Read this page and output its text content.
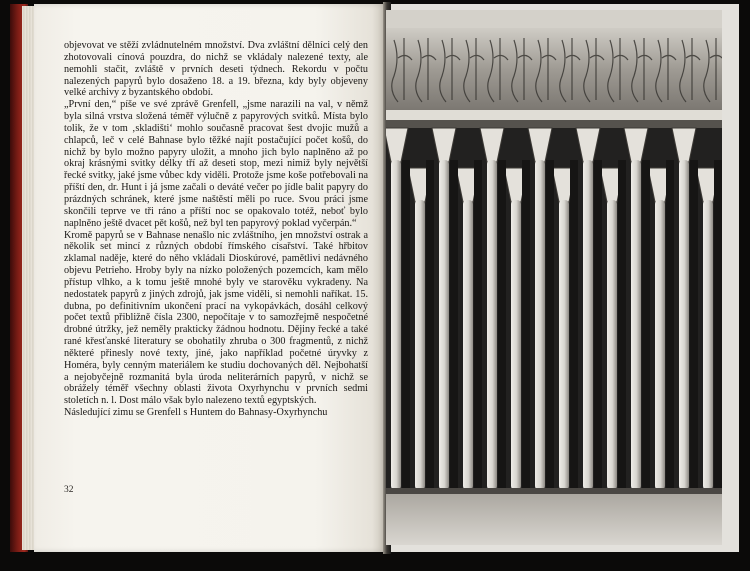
objevovat ve stěží zvládnutelném množství. Dva zvláštní dělníci celý den zhotovovali cínová pouzdra, do nichž se vkládaly nalezené texty, ale nemohli stačit, zvláště v prvních deseti týdnech. Rekordu v počtu nalezených papyrů bylo dosaženo 18. a 19. března, kdy byly objeveny velké archivy z byzantského období.

„První den,“ píše ve své zprávě Grenfell, „jsme narazili na val, v němž byla silná vrstva složená téměř výlučně z papyrových svitků. Místa bylo tolik, že v tom ‚skladišti‘ mohlo současně pracovat šest dvojic mužů a chlapců, leč v celé Bahnase bylo těžké najít postačující počet košů, do nichž by bylo možno papyry uložit, a mnoho jich bylo naplněno až po okraj krásnými svitky délky tří až deseti stop, mezi nimiž byly největší řecké svitky, jaké jsme vůbec kdy viděli. Protože jsme koše potřebovali na příští den, dr. Hunt i já jsme začali o deváté večer po jídle balit papyry do prázdných schránek, které jsme naštěstí měli po ruce. Svou práci jsme skončili teprve ve tři ráno a příští noc se opakovalo totéž, neboť bylo naplněno ještě dvacet pět košů, než byl ten papyrový poklad vyčerpán.“

Kromě papyrů se v Bahnase nenašlo nic zvláštního, jen množství ostrak a několik set mincí z různých období římského císařství. Také hřbitov zklamal naděje, které do něho vkládali Dioskúrové, pamětlivi nedávného objevu Petrieho. Hroby byly na nízko položených pozemcích, kam mělo přístup vlhko, a k tomu ještě mnohé byly ve starověku vykradeny. Na nedostatek papyrů z jiných zdrojů, jak jsme viděli, si nemohli naříkat. 15. dubna, po definitivním ukončení prací na vykopávkách, dosáhl celkový počet textů přibližně čísla 2300, nepočítaje v to samozřejmě nespočetné drobné útržky, jež neměly prakticky žádnou hodnotu. Dějiny řecké a také rané křesťanské literatury se obohatily zhruba o 300 fragmentů, z nichž některé přinesly nové texty, jiné, jako například početné úryvky z Homéra, byly cenným materiálem ke studiu dochovaných děl. Nejbohatší a nejobyčejně rozmanitá byla úroda neliterárních papyrů, v nichž se obrážely téměř všechny oblasti života Oxyrhynchu v prvních sedmi stoletích n. l. Dost málo však bylo nalezeno textů egyptských.

Následující zimu se Grenfell s Huntem do Bahnasy-Oxyrhynchu

32
